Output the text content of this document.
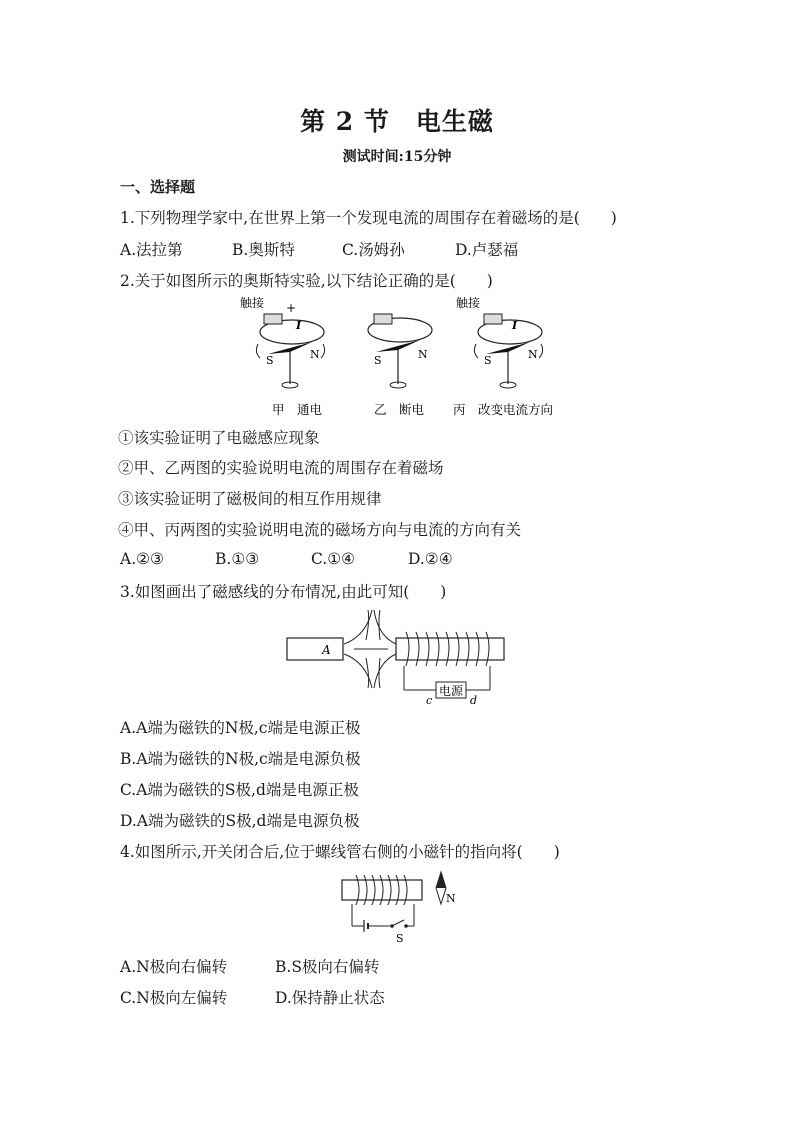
第 2 节　电生磁
测试时间:15分钟
一、选择题
1.下列物理学家中,在世界上第一个发现电流的周围存在着磁场的是(　　)
A.法拉第	B.奥斯特	C.汤姆孙	D.卢瑟福
2.关于如图所示的奥斯特实验,以下结论正确的是(　　)
触接 +
I
S	N
甲　通电
S	N
乙　断电
触接
I
S	N
丙　改变电流方向
①该实验证明了电磁感应现象
②甲、乙两图的实验说明电流的周围存在着磁场
③该实验证明了磁极间的相互作用规律
④甲、丙两图的实验说明电流的磁场方向与电流的方向有关
A.②③	B.①③	C.①④	D.②④
3.如图画出了磁感线的分布情况,由此可知(　　)
A
电源
c	d
A.A端为磁铁的N极,c端是电源正极
B.A端为磁铁的N极,c端是电源负极
C.A端为磁铁的S极,d端是电源正极
D.A端为磁铁的S极,d端是电源负极
4.如图所示,开关闭合后,位于螺线管右侧的小磁针的指向将(　　)
N
S
A.N极向右偏转	B.S极向右偏转
C.N极向左偏转	D.保持静止状态
